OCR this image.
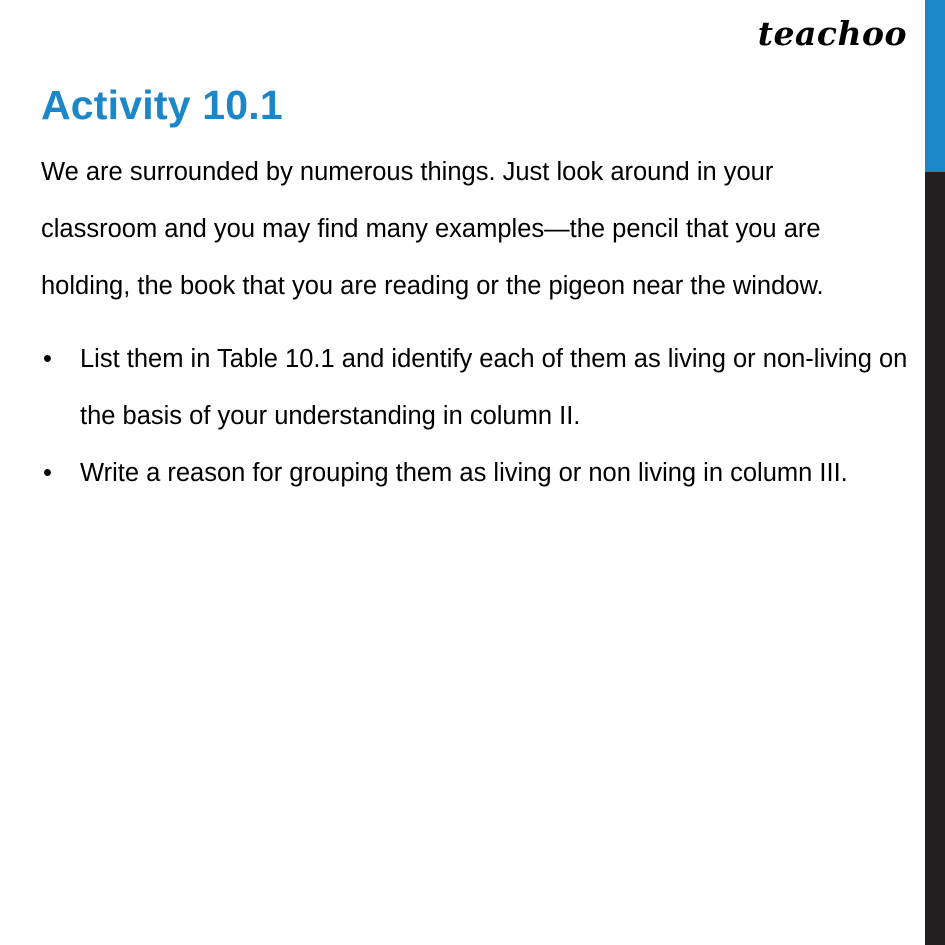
teachoo
Activity 10.1

We are surrounded by numerous things. Just look around in your classroom and you may find many examples—the pencil that you are holding, the book that you are reading or the pigeon near the window.

• List them in Table 10.1 and identify each of them as living or non-living on the basis of your understanding in column II.
• Write a reason for grouping them as living or non living in column III.
